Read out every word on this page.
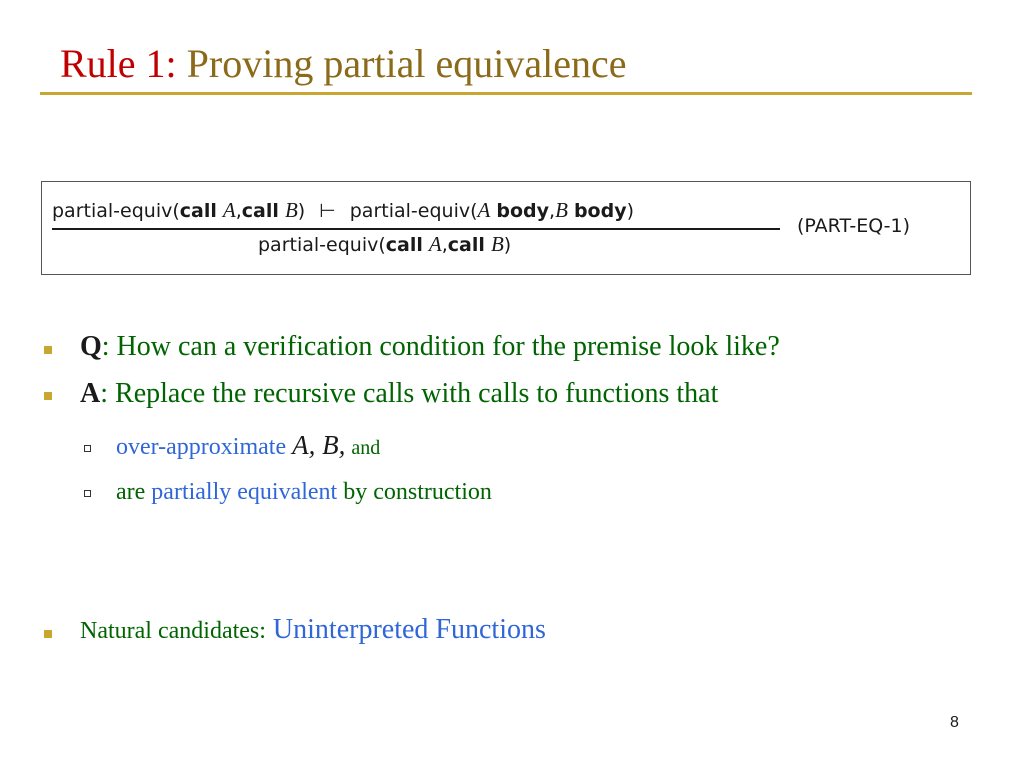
Rule 1: Proving partial equivalence
partial-equiv(call A,call B) ⊢ partial-equiv(A body,B body)
partial-equiv(call A,call B)
(PART-EQ-1)
Q: How can a verification condition for the premise look like?
A: Replace the recursive calls with calls to functions that
over-approximate A, B, and
are partially equivalent by construction
Natural candidates: Uninterpreted Functions
8
